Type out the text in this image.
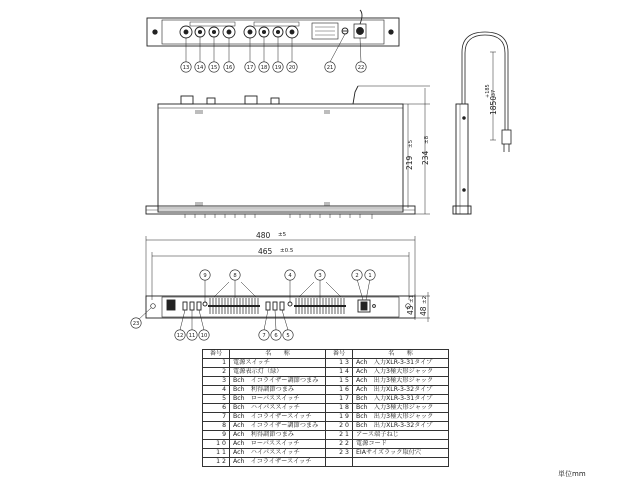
13 14 15 16	17 18 19 20	21	22
219
±5
234
±8
1850
+185 -37
480 ±5
465 ±0.5
9	8	4	3	2 1
12 11 10	7 6 5
23
43
±1
48
±2
番号	名　　称	番号	名　　称
1	電源スイッチ	1 3	Ach　入力XLR-3-31タイプ
2	電源表示灯（緑）	1 4	Ach　入力3極大形ジャック
3	Bch　イコライザー調節つまみ	1 5	Ach　出力3極大形ジャック
4	Bch　利得調節つまみ	1 6	Ach　出力XLR-3-32タイプ
5	Bch　ローパススイッチ	1 7	Bch　入力XLR-3-31タイプ
6	Bch　ハイパススイッチ	1 8	Bch　入力3極大形ジャック
7	Bch　イコライザースイッチ	1 9	Bch　出力3極大形ジャック
8	Ach　イコライザー調節つまみ	2 0	Bch　出力XLR-3-32タイプ
9	Ach　利得調節つまみ	2 1	アース端子ねじ
1 0	Ach　ローパススイッチ	2 2	電源コード
1 1	Ach　ハイパススイッチ	2 3	EIAサイズラック取付穴
1 2	Ach　イコライザースイッチ		
単位mm
